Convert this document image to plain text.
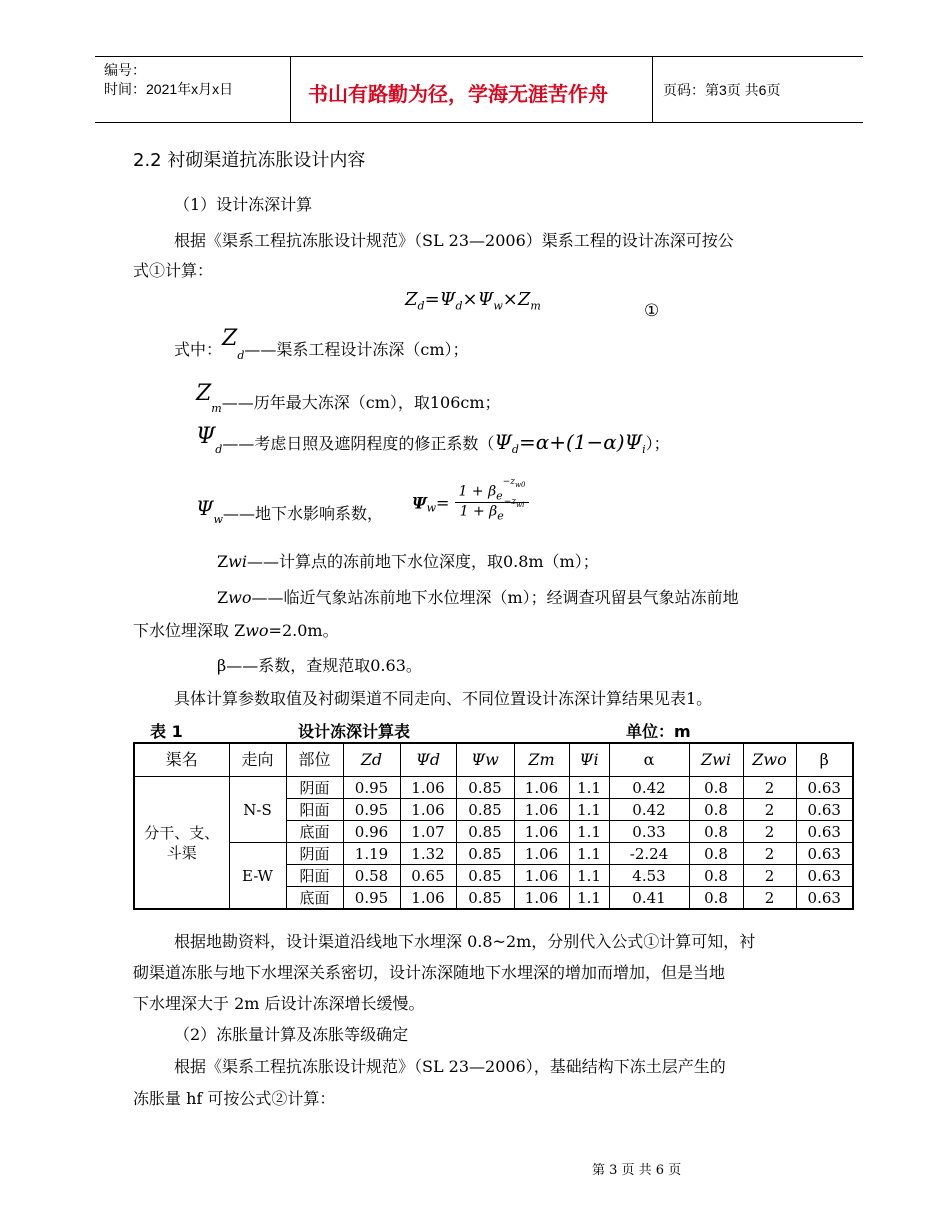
编号：
时间：2021年x月x日	书山有路勤为径，学海无涯苦作舟	页码：第3页 共6页
2.2 衬砌渠道抗冻胀设计内容
（1）设计冻深计算
根据《渠系工程抗冻胀设计规范》（SL 23—2006）渠系工程的设计冻深可按公
式①计算：
$Z_d=\Psi_d\times\Psi_w\times Z_m$	①
式中：$Z_d——$渠系工程设计冻深（cm）；
$Z_m——$历年最大冻深（cm），取106cm；
$\Psi_d——$考虑日照及遮阴程度的修正系数$(\Psi_d=\alpha+(1-\alpha)\Psi_i)$；
$\Psi_w——$地下水影响系数，
$\Psi_w= \frac{1 + \beta_e^{-z_{w0}}}{1 + \beta_e^{-z_{wi}}}$
Zwi——计算点的冻前地下水位深度，取0.8m（m）；
Zwo——临近气象站冻前地下水位埋深（m）；经调查巩留县气象站冻前地
下水位埋深取 Zwo=2.0m。
β——系数，查规范取0.63。
具体计算参数取值及衬砌渠道不同走向、不同位置设计冻深计算结果见表1。
表 1	设计冻深计算表	单位：m
渠名	走向	部位	Zd	Ψd	Ψw	Zm	Ψi	α	Zwi	Zwo	β
分干、支、斗渠	N-S	阴面	0.95	1.06	0.85	1.06	1.1	0.42	0.8	2	0.63
		阳面	0.95	1.06	0.85	1.06	1.1	0.42	0.8	2	0.63
		底面	0.96	1.07	0.85	1.06	1.1	0.33	0.8	2	0.63
	E-W	阴面	1.19	1.32	0.85	1.06	1.1	-2.24	0.8	2	0.63
		阳面	0.58	0.65	0.85	1.06	1.1	4.53	0.8	2	0.63
		底面	0.95	1.06	0.85	1.06	1.1	0.41	0.8	2	0.63
根据地勘资料，设计渠道沿线地下水埋深 0.8~2m，分别代入公式①计算可知，衬
砌渠道冻胀与地下水埋深关系密切，设计冻深随地下水埋深的增加而增加，但是当地
下水埋深大于 2m 后设计冻深增长缓慢。
（2）冻胀量计算及冻胀等级确定
根据《渠系工程抗冻胀设计规范》（SL 23—2006），基础结构下冻土层产生的
冻胀量 hf 可按公式②计算：
第 3 页 共 6 页
